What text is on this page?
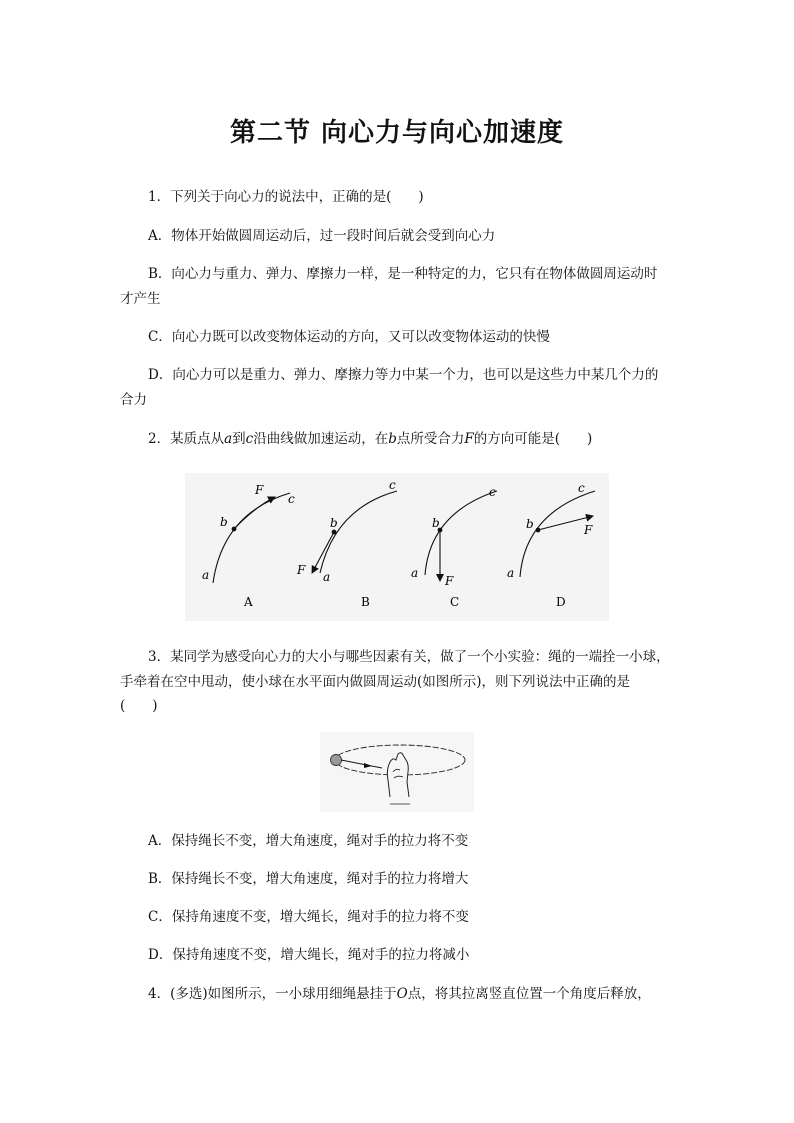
第二节 向心力与向心加速度

1．下列关于向心力的说法中，正确的是(　　)

A．物体开始做圆周运动后，过一段时间后就会受到向心力

B．向心力与重力、弹力、摩擦力一样，是一种特定的力，它只有在物体做圆周运动时

才产生

C．向心力既可以改变物体运动的方向，又可以改变物体运动的快慢

D．向心力可以是重力、弹力、摩擦力等力中某一个力，也可以是这些力中某几个力的

合力

2．某质点从a到c沿曲线做加速运动，在b点所受合力F的方向可能是(　　)

a
b
c
F
A
a
b
c
F
B
a
b
c
F
C
a
b
c
F
D

3．某同学为感受向心力的大小与哪些因素有关，做了一个小实验：绳的一端拴一小球，

手牵着在空中甩动，使小球在水平面内做圆周运动(如图所示)，则下列说法中正确的是

(　　)

A．保持绳长不变，增大角速度，绳对手的拉力将不变

B．保持绳长不变，增大角速度，绳对手的拉力将增大

C．保持角速度不变，增大绳长，绳对手的拉力将不变

D．保持角速度不变，增大绳长，绳对手的拉力将减小

4．(多选)如图所示，一小球用细绳悬挂于O点，将其拉离竖直位置一个角度后释放，
